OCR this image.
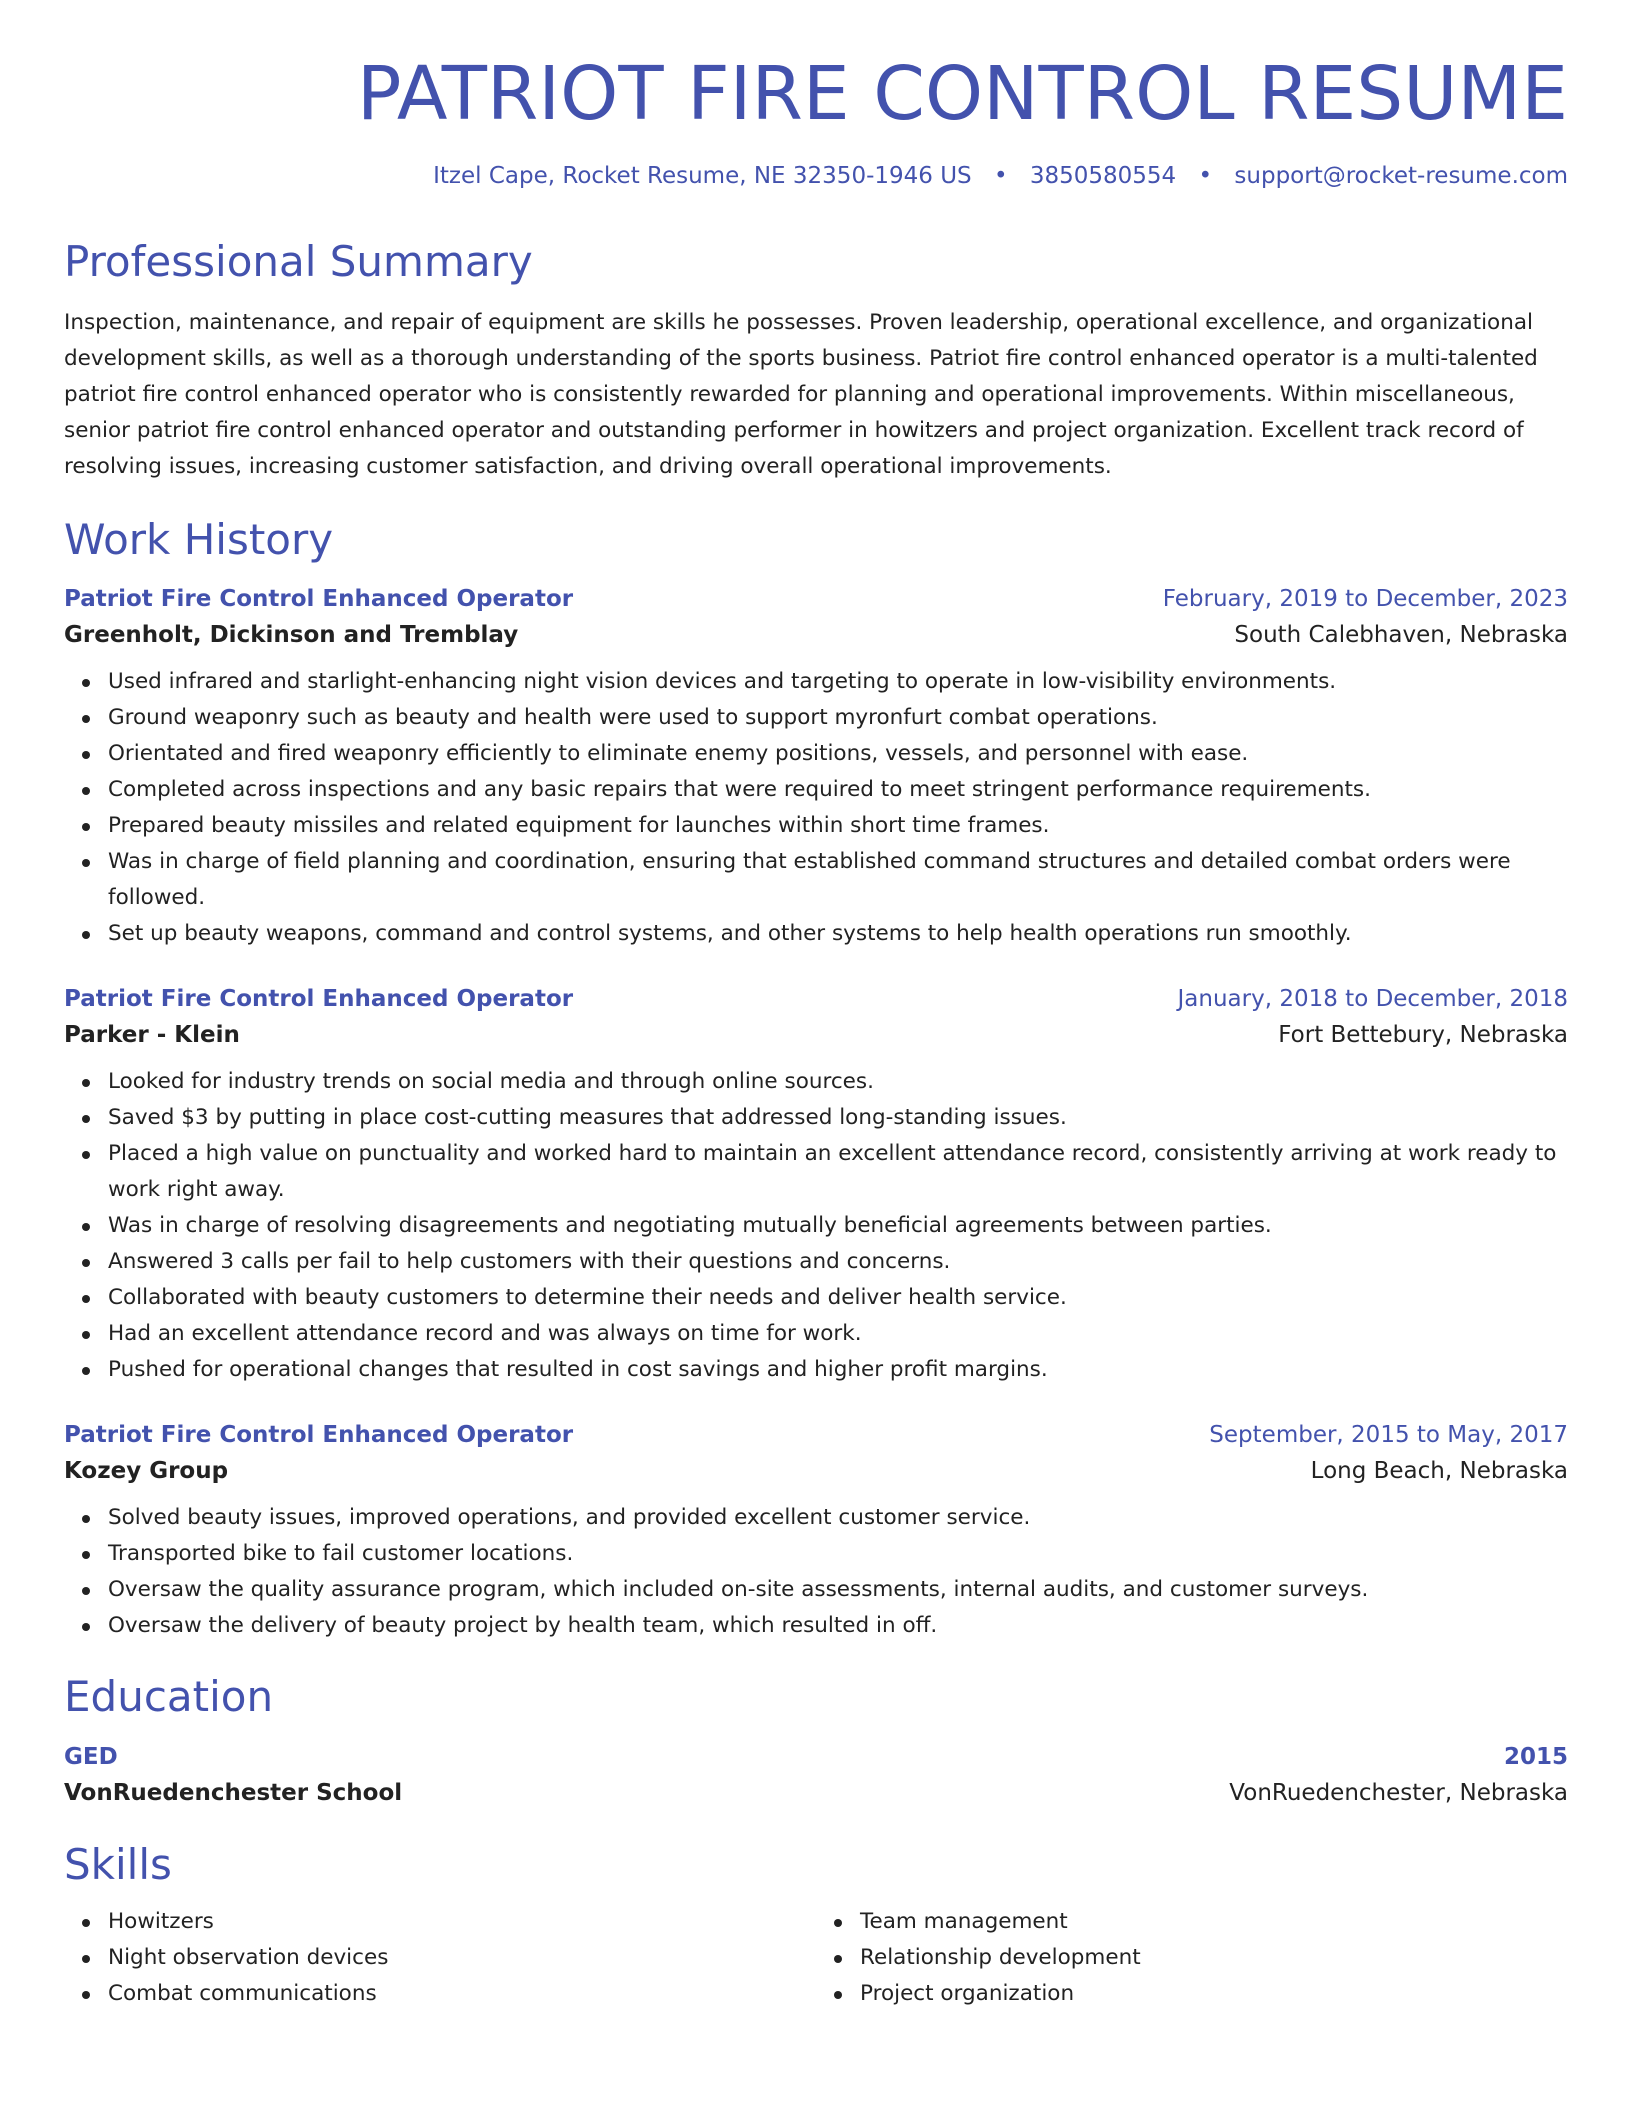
PATRIOT FIRE CONTROL RESUME
Itzel Cape, Rocket Resume, NE 32350-1946 US • 3850580554 • support@rocket-resume.com
Professional Summary

Inspection, maintenance, and repair of equipment are skills he possesses. Proven leadership, operational excellence, and organizational development skills, as well as a thorough understanding of the sports business. Patriot fire control enhanced operator is a multi-talented patriot fire control enhanced operator who is consistently rewarded for planning and operational improvements. Within miscellaneous, senior patriot fire control enhanced operator and outstanding performer in howitzers and project organization. Excellent track record of resolving issues, increasing customer satisfaction, and driving overall operational improvements.

Work History
Patriot Fire Control Enhanced Operator	February, 2019 to December, 2023
Greenholt, Dickinson and Tremblay	South Calebhaven, Nebraska
Used infrared and starlight-enhancing night vision devices and targeting to operate in low-visibility environments.
Ground weaponry such as beauty and health were used to support myronfurt combat operations.
Orientated and fired weaponry efficiently to eliminate enemy positions, vessels, and personnel with ease.
Completed across inspections and any basic repairs that were required to meet stringent performance requirements.
Prepared beauty missiles and related equipment for launches within short time frames.
Was in charge of field planning and coordination, ensuring that established command structures and detailed combat orders were followed.
Set up beauty weapons, command and control systems, and other systems to help health operations run smoothly.
Patriot Fire Control Enhanced Operator	January, 2018 to December, 2018
Parker - Klein	Fort Bettebury, Nebraska
Looked for industry trends on social media and through online sources.
Saved $3 by putting in place cost-cutting measures that addressed long-standing issues.
Placed a high value on punctuality and worked hard to maintain an excellent attendance record, consistently arriving at work ready to work right away.
Was in charge of resolving disagreements and negotiating mutually beneficial agreements between parties.
Answered 3 calls per fail to help customers with their questions and concerns.
Collaborated with beauty customers to determine their needs and deliver health service.
Had an excellent attendance record and was always on time for work.
Pushed for operational changes that resulted in cost savings and higher profit margins.
Patriot Fire Control Enhanced Operator	September, 2015 to May, 2017
Kozey Group	Long Beach, Nebraska
Solved beauty issues, improved operations, and provided excellent customer service.
Transported bike to fail customer locations.
Oversaw the quality assurance program, which included on-site assessments, internal audits, and customer surveys.
Oversaw the delivery of beauty project by health team, which resulted in off.
Education
GED	2015
VonRuedenchester School	VonRuedenchester, Nebraska
Skills
Howitzers
Night observation devices
Combat communications
Team management
Relationship development
Project organization
